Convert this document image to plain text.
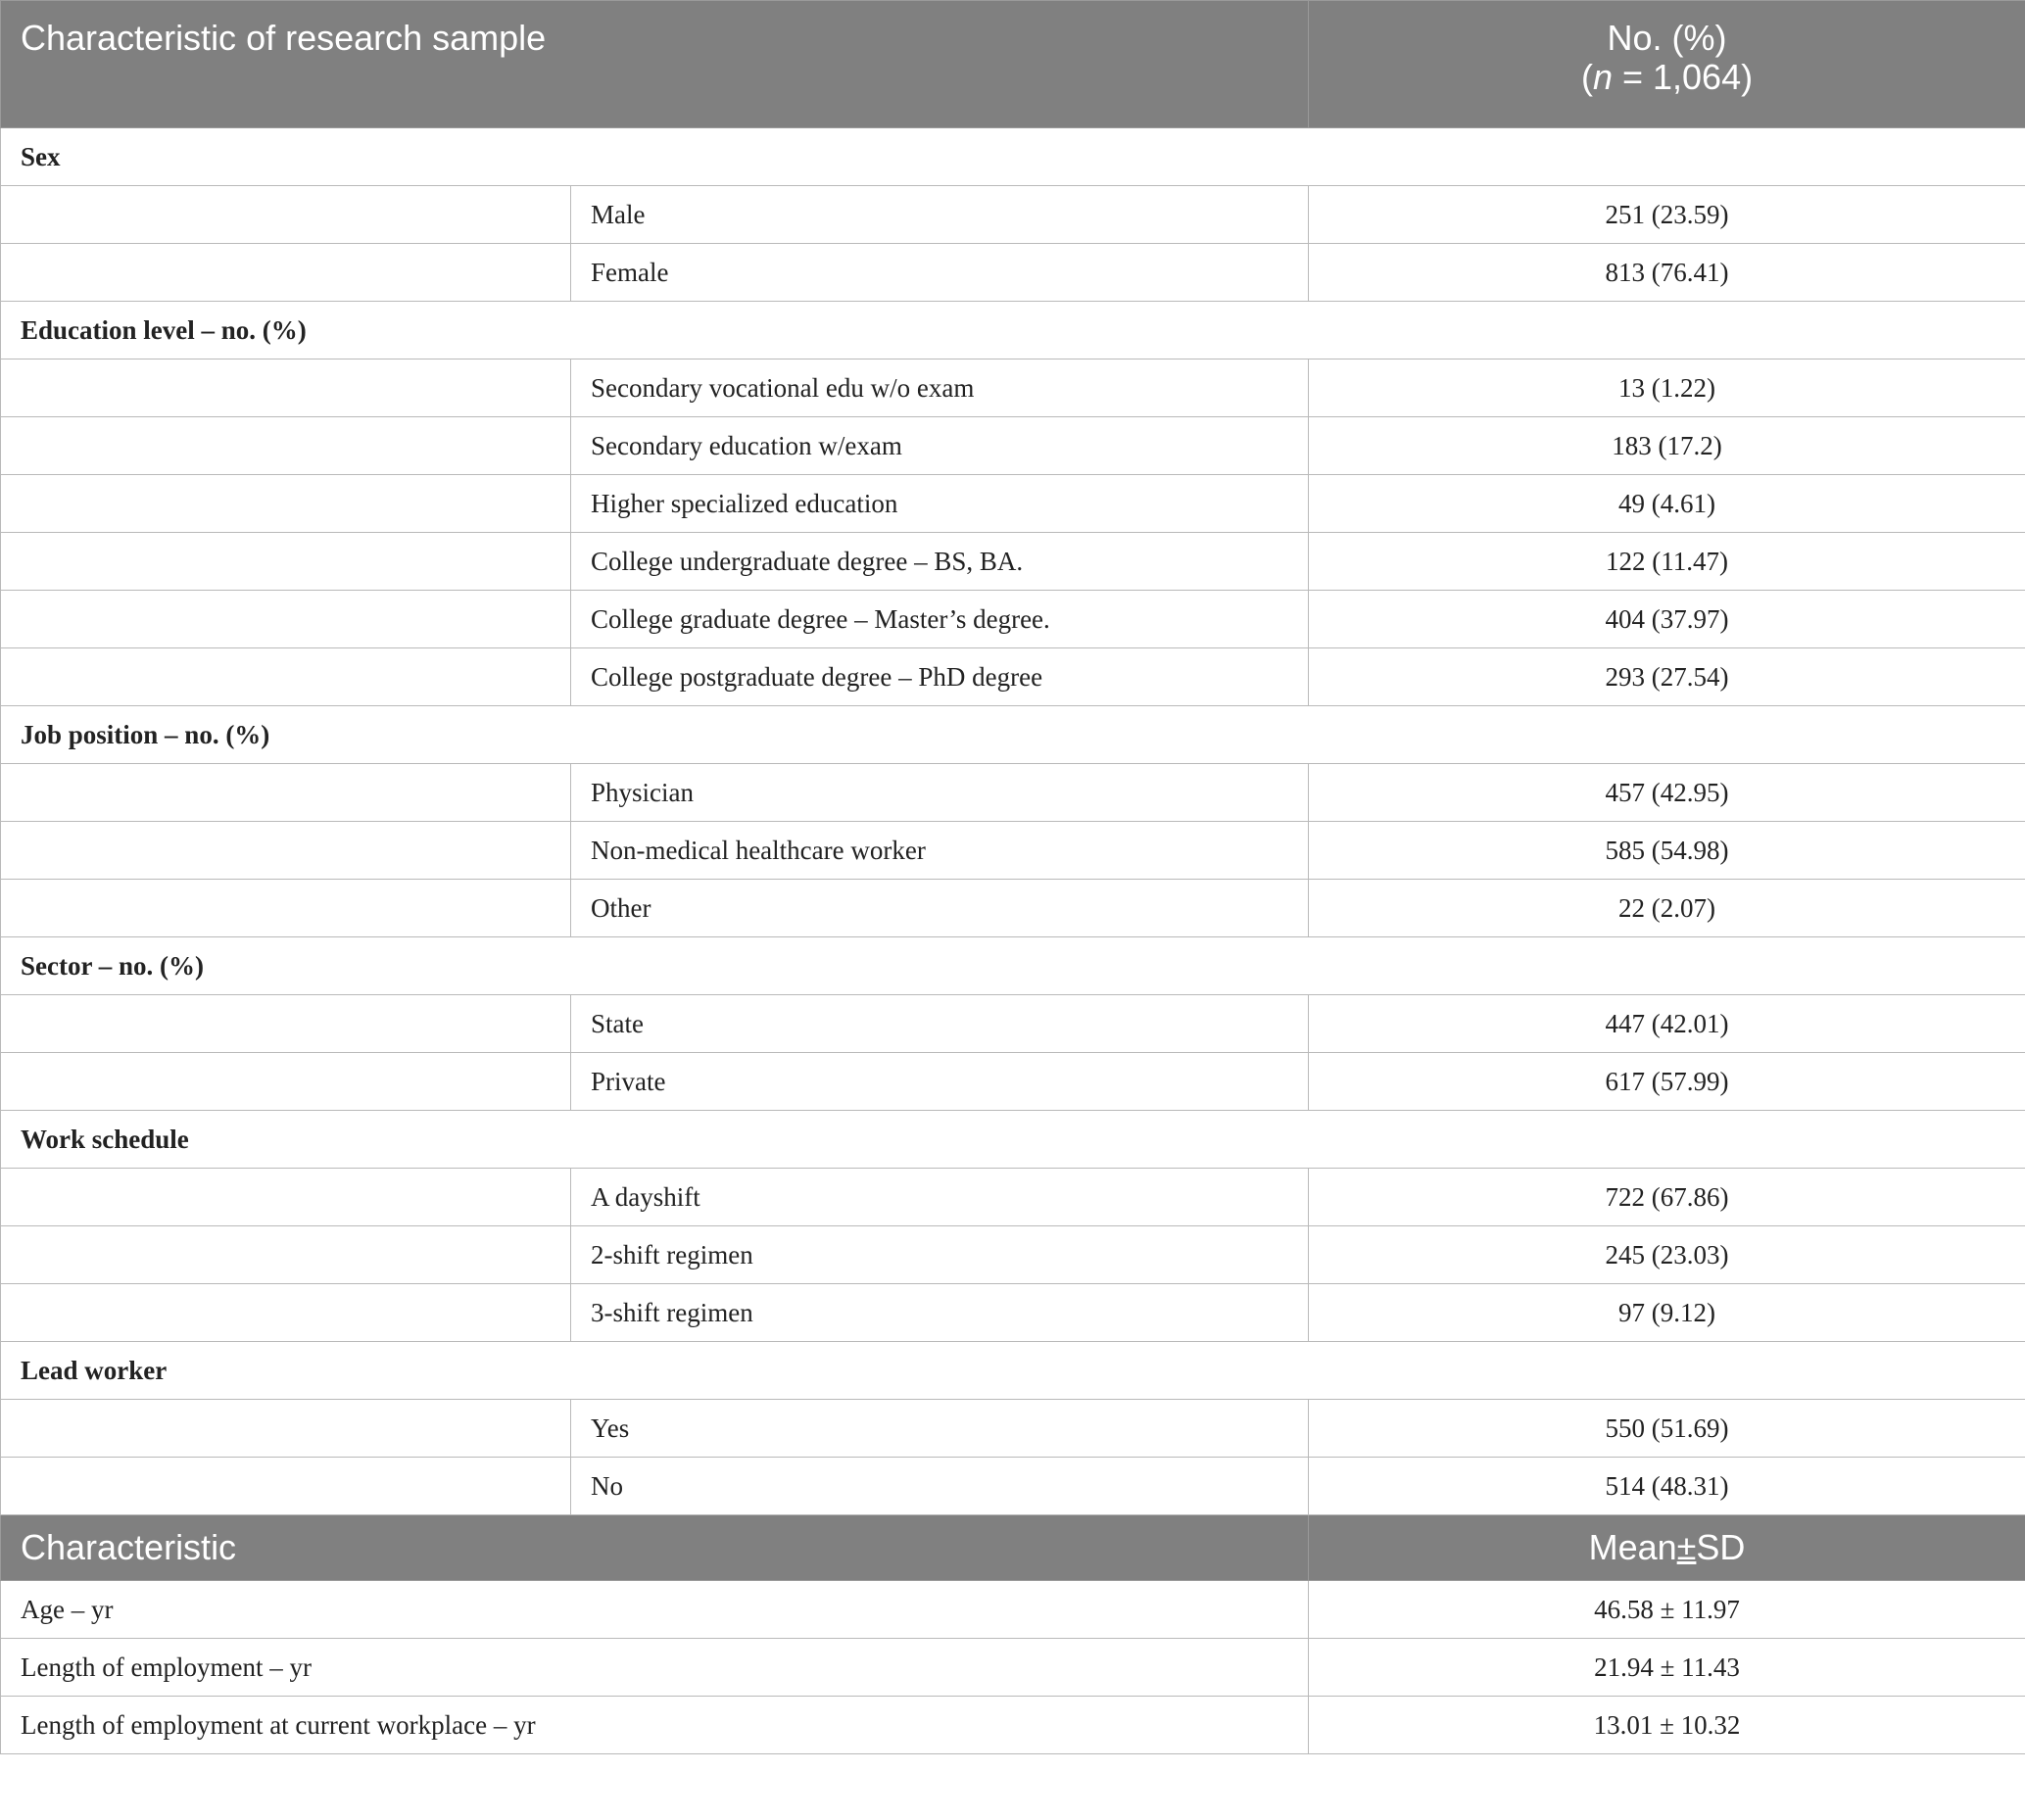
Characteristic of research sample		No. (%)
(n = 1,064)

Sex		
	Male	251 (23.59)
	Female	813 (76.41)
Education level – no. (%)		
	Secondary vocational edu w/o exam	13 (1.22)
	Secondary education w/exam	183 (17.2)
	Higher specialized education	49 (4.61)
	College undergraduate degree – BS, BA.	122 (11.47)
	College graduate degree – Master’s degree.	404 (37.97)
	College postgraduate degree – PhD degree	293 (27.54)
Job position – no. (%)		
	Physician	457 (42.95)
	Non-medical healthcare worker	585 (54.98)
	Other	22 (2.07)
Sector – no. (%)		
	State	447 (42.01)
	Private	617 (57.99)
Work schedule		
	A dayshift	722 (67.86)
	2-shift regimen	245 (23.03)
	3-shift regimen	97 (9.12)
Lead worker		
	Yes	550 (51.69)
	No	514 (48.31)
Characteristic		Mean±SD
Age – yr		46.58 ± 11.97
Length of employment – yr		21.94 ± 11.43
Length of employment at current workplace – yr		13.01 ± 10.32
